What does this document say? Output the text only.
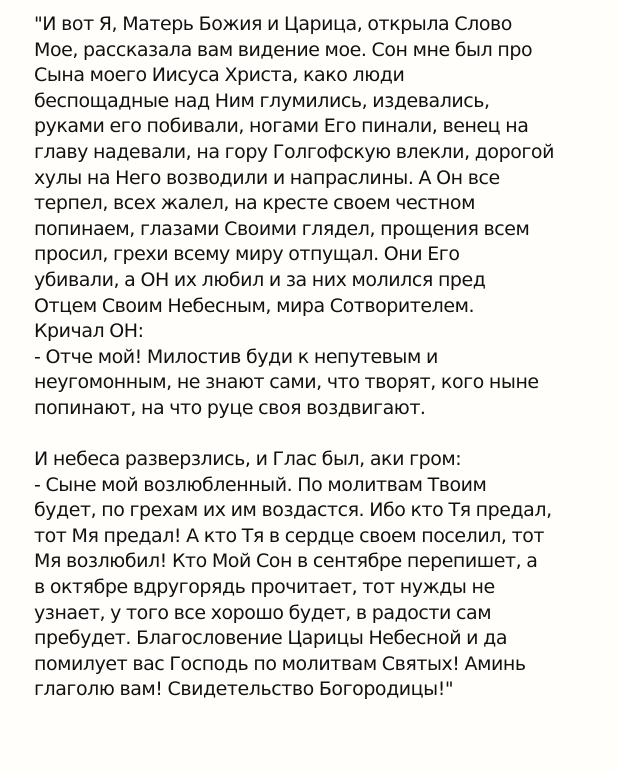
"И вот Я, Матерь Божия и Царица, открыла Слово
Мое, рассказала вам видение мое. Сон мне был про
Сына моего Иисуса Христа, како люди
беспощадные над Ним глумились, издевались,
руками его побивали, ногами Его пинали, венец на
главу надевали, на гору Голгофскую влекли, дорогой
хулы на Него возводили и напраслины. А Он все
терпел, всех жалел, на кресте своем честном
попинаем, глазами Своими глядел, прощения всем
просил, грехи всему миру отпущал. Они Его
убивали, а ОН их любил и за них молился пред
Отцем Своим Небесным, мира Сотворителем.
Кричал ОН:
- Отче мой! Милостив буди к непутевым и
неугомонным, не знают сами, что творят, кого ныне
попинают, на что руце своя воздвигают.
И небеса разверзлись, и Глас был, аки гром:
- Сыне мой возлюбленный. По молитвам Твоим
будет, по грехам их им воздастся. Ибо кто Тя предал,
тот Мя предал! А кто Тя в сердце своем поселил, тот
Мя возлюбил! Кто Мой Сон в сентябре перепишет, а
в октябре вдругорядь прочитает, тот нужды не
узнает, у того все хорошо будет, в радости сам
пребудет. Благословение Царицы Небесной и да
помилует вас Господь по молитвам Святых! Аминь
глаголю вам! Свидетельство Богородицы!"
